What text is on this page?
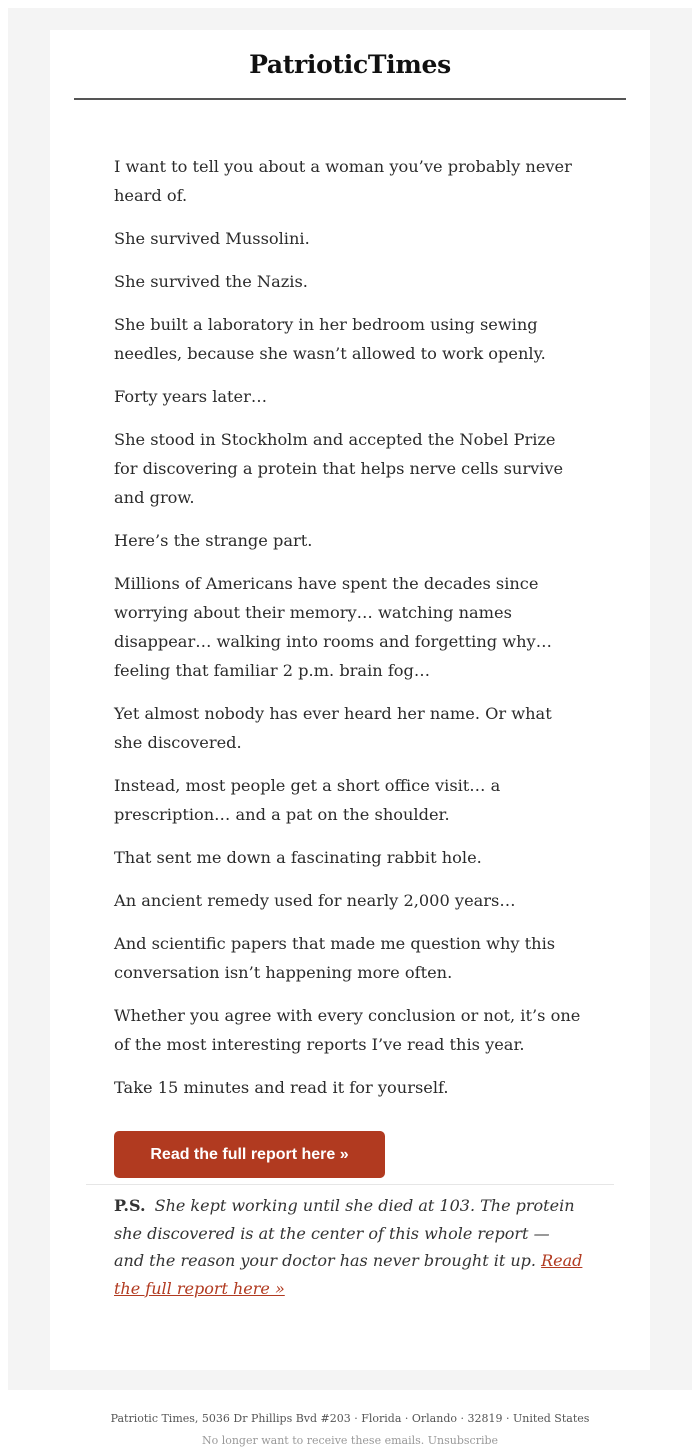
PatrioticTimes

I want to tell you about a woman you’ve probably never heard of.

She survived Mussolini.

She survived the Nazis.

She built a laboratory in her bedroom using sewing needles, because she wasn’t allowed to work openly.

Forty years later…

She stood in Stockholm and accepted the Nobel Prize for discovering a protein that helps nerve cells survive and grow.

Here’s the strange part.

Millions of Americans have spent the decades since worrying about their memory… watching names disappear… walking into rooms and forgetting why… feeling that familiar 2 p.m. brain fog…

Yet almost nobody has ever heard her name. Or what she discovered.

Instead, most people get a short office visit… a prescription… and a pat on the shoulder.

That sent me down a fascinating rabbit hole.

An ancient remedy used for nearly 2,000 years…

And scientific papers that made me question why this conversation isn’t happening more often.

Whether you agree with every conclusion or not, it’s one of the most interesting reports I’ve read this year.

Take 15 minutes and read it for yourself.

Read the full report here »
P.S. She kept working until she died at 103. The protein she discovered is at the center of this whole report — and the reason your doctor has never brought it up. Read the full report here »
Patriotic Times, 5036 Dr Phillips Bvd #203 · Florida · Orlando · 32819 · United States
No longer want to receive these emails. Unsubscribe
